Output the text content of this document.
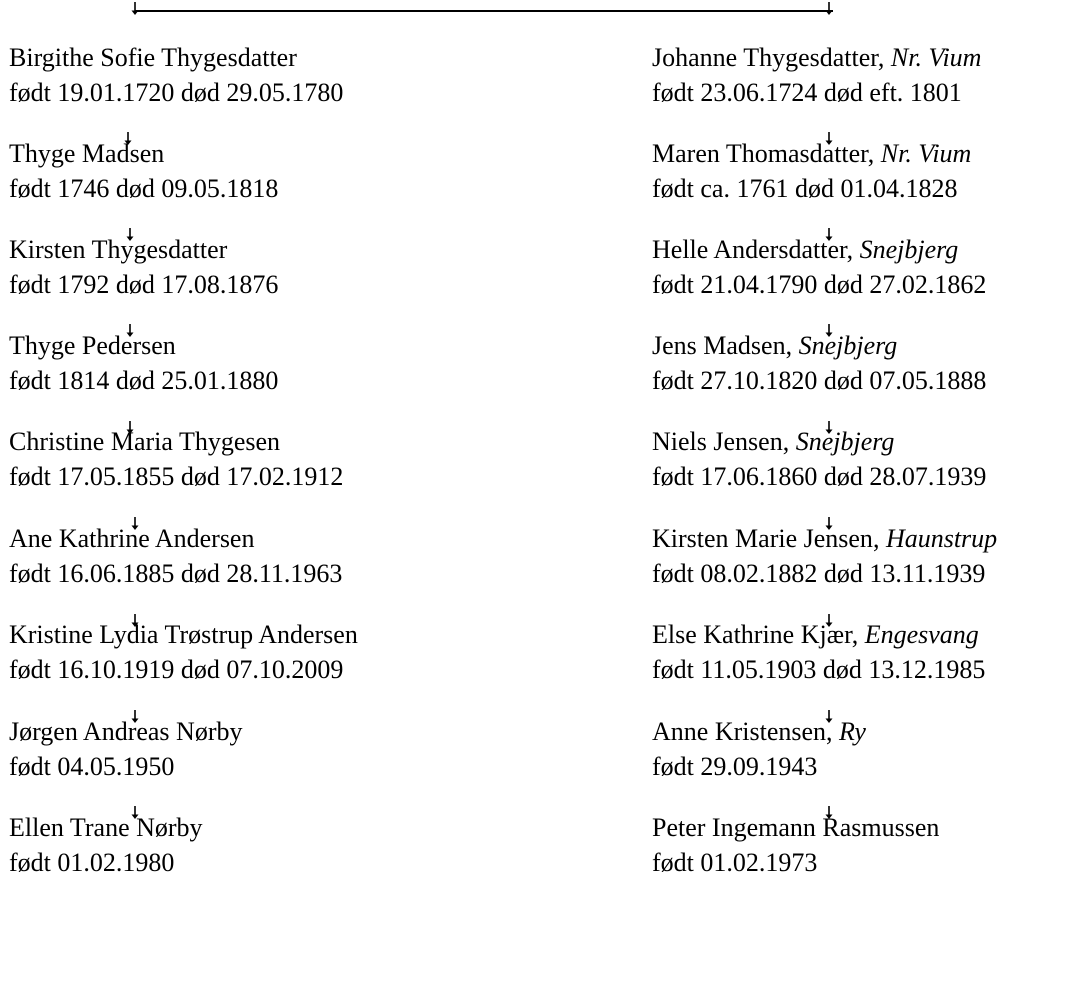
Birgithe Sofie Thygesdatter
født 19.01.1720 død 29.05.1780
Thyge Madsen
født 1746 død 09.05.1818
Kirsten Thygesdatter
født 1792 død 17.08.1876
Thyge Pedersen
født 1814 død 25.01.1880
Christine Maria Thygesen
født 17.05.1855 død 17.02.1912
Ane Kathrine Andersen
født 16.06.1885 død 28.11.1963
Kristine Lydia Trøstrup Andersen
født 16.10.1919 død 07.10.2009
Jørgen Andreas Nørby
født 04.05.1950
Ellen Trane Nørby
født 01.02.1980
Johanne Thygesdatter, Nr. Vium
født 23.06.1724 død eft. 1801
Maren Thomasdatter, Nr. Vium
født ca. 1761 død 01.04.1828
Helle Andersdatter, Snejbjerg
født 21.04.1790 død 27.02.1862
Jens Madsen, Snejbjerg
født 27.10.1820 død 07.05.1888
Niels Jensen, Snejbjerg
født 17.06.1860 død 28.07.1939
Kirsten Marie Jensen, Haunstrup
født 08.02.1882 død 13.11.1939
Else Kathrine Kjær, Engesvang
født 11.05.1903 død 13.12.1985
Anne Kristensen, Ry
født 29.09.1943
Peter Ingemann Rasmussen
født 01.02.1973
